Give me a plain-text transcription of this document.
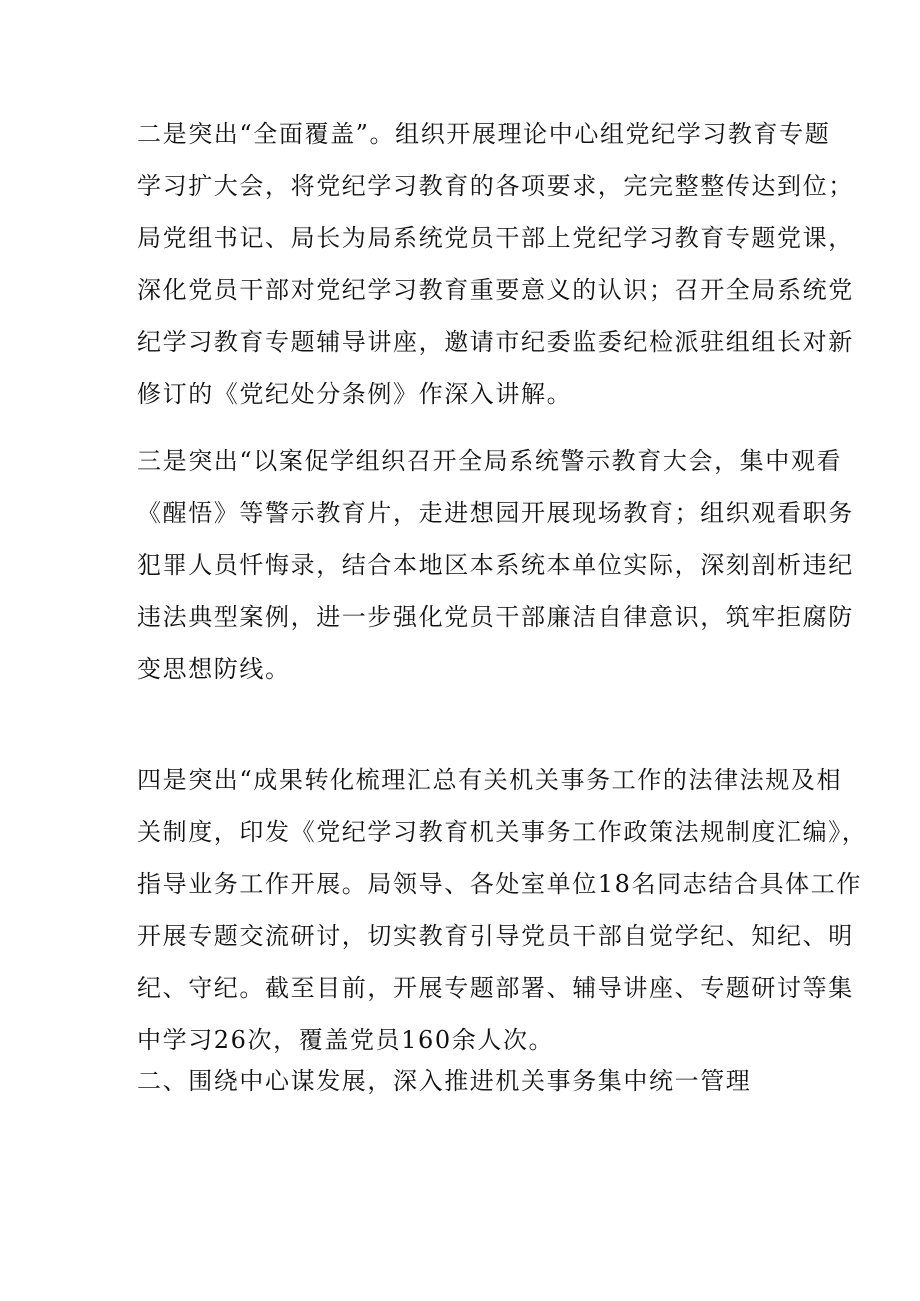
二是突出“全面覆盖”。组织开展理论中心组党纪学习教育专题
学习扩大会，将党纪学习教育的各项要求，完完整整传达到位；
局党组书记、局长为局系统党员干部上党纪学习教育专题党课，
深化党员干部对党纪学习教育重要意义的认识；召开全局系统党
纪学习教育专题辅导讲座，邀请市纪委监委纪检派驻组组长对新
修订的《党纪处分条例》作深入讲解。
三是突出“以案促学组织召开全局系统警示教育大会，集中观看
《醒悟》等警示教育片，走进想园开展现场教育；组织观看职务
犯罪人员忏悔录，结合本地区本系统本单位实际，深刻剖析违纪
违法典型案例，进一步强化党员干部廉洁自律意识，筑牢拒腐防
变思想防线。
四是突出“成果转化梳理汇总有关机关事务工作的法律法规及相
关制度，印发《党纪学习教育机关事务工作政策法规制度汇编》，
指导业务工作开展。局领导、各处室单位18名同志结合具体工作
开展专题交流研讨，切实教育引导党员干部自觉学纪、知纪、明
纪、守纪。截至目前，开展专题部署、辅导讲座、专题研讨等集
中学习26次，覆盖党员160余人次。
二、围绕中心谋发展，深入推进机关事务集中统一管理
